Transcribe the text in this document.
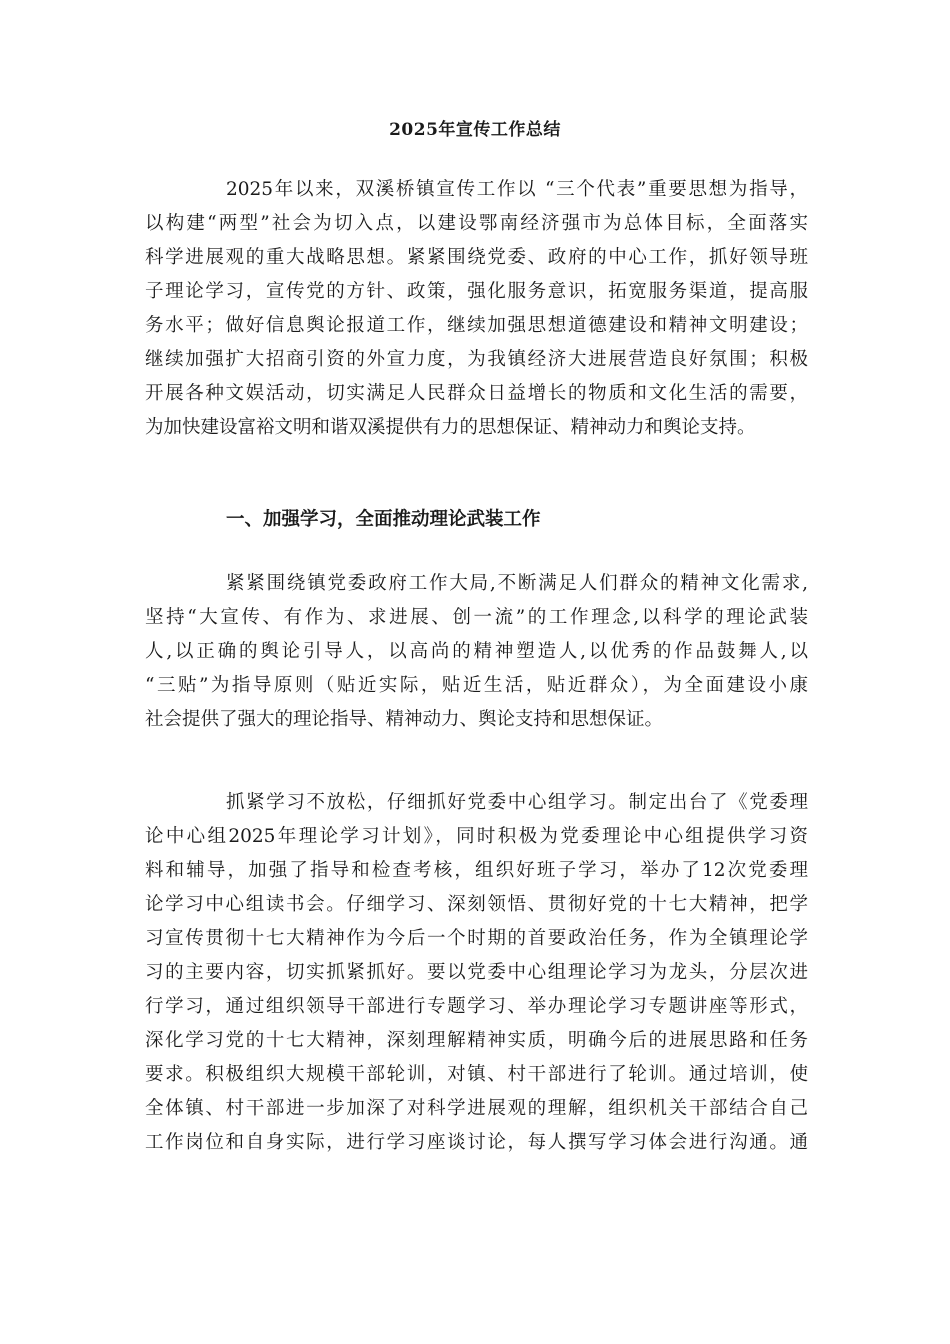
2025年宣传工作总结
2025年以来，双溪桥镇宣传工作以 “三个代表”重要思想为指导，
以构建“两型”社会为切入点，以建设鄂南经济强市为总体目标，全面落实
科学进展观的重大战略思想。紧紧围绕党委、政府的中心工作，抓好领导班
子理论学习，宣传党的方针、政策，强化服务意识，拓宽服务渠道，提高服
务水平；做好信息舆论报道工作，继续加强思想道德建设和精神文明建设；
继续加强扩大招商引资的外宣力度，为我镇经济大进展营造良好氛围；积极
开展各种文娱活动，切实满足人民群众日益增长的物质和文化生活的需要，
为加快建设富裕文明和谐双溪提供有力的思想保证、精神动力和舆论支持。
一、加强学习，全面推动理论武装工作
紧紧围绕镇党委政府工作大局,不断满足人们群众的精神文化需求,
坚持“大宣传、有作为、求进展、创一流”的工作理念,以科学的理论武装
人,以正确的舆论引导人，以高尚的精神塑造人,以优秀的作品鼓舞人,以
“三贴”为指导原则（贴近实际，贴近生活，贴近群众），为全面建设小康
社会提供了强大的理论指导、精神动力、舆论支持和思想保证。
抓紧学习不放松，仔细抓好党委中心组学习。制定出台了《党委理
论中心组2025年理论学习计划》，同时积极为党委理论中心组提供学习资
料和辅导，加强了指导和检查考核，组织好班子学习，举办了12次党委理
论学习中心组读书会。仔细学习、深刻领悟、贯彻好党的十七大精神，把学
习宣传贯彻十七大精神作为今后一个时期的首要政治任务，作为全镇理论学
习的主要内容，切实抓紧抓好。要以党委中心组理论学习为龙头，分层次进
行学习，通过组织领导干部进行专题学习、举办理论学习专题讲座等形式，
深化学习党的十七大精神，深刻理解精神实质，明确今后的进展思路和任务
要求。积极组织大规模干部轮训，对镇、村干部进行了轮训。通过培训，使
全体镇、村干部进一步加深了对科学进展观的理解，组织机关干部结合自己
工作岗位和自身实际，进行学习座谈讨论，每人撰写学习体会进行沟通。通
